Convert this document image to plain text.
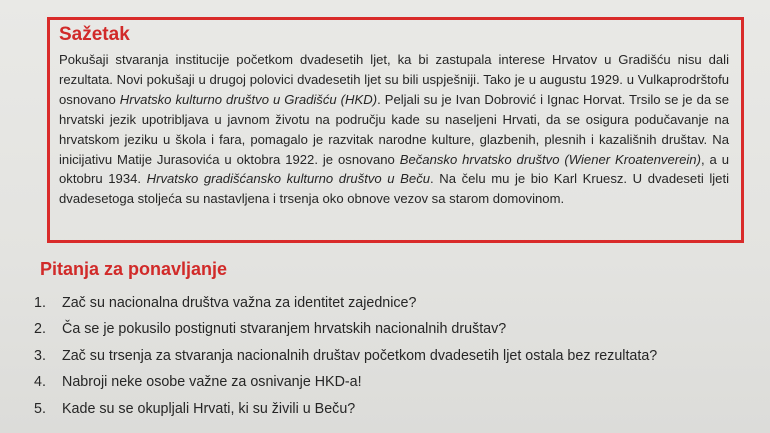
Sažetak

Pokušaji stvaranja institucije početkom dvadesetih ljet, ka bi zastupala interese Hrvatov u Gradišću nisu dali rezultata. Novi pokušaji u drugoj polovici dvadesetih ljet su bili uspješniji. Tako je u augustu 1929. u Vulkaprodrštofu osnovano Hrvatsko kulturno društvo u Gradišću (HKD). Peljali su je Ivan Dobrović i Ignac Horvat. Trsilo se je da se hrvatski jezik upotribljava u javnom životu na području kade su naseljeni Hrvati, da se osigura podučavanje na hrvatskom jeziku u škola i fara, pomagalo je razvitak narodne kulture, glazbenih, plesnih i kazališnih društav. Na inicijativu Matije Jurasovića u oktobra 1922. je osnovano Bečansko hrvatsko društvo (Wiener Kroatenverein), a u oktobru 1934. Hrvatsko gradišćansko kulturno društvo u Beču. Na čelu mu je bio Karl Kruesz. U dvadeseti ljeti dvadesetoga stoljeća su nastavljena i trsenja oko obnove vezov sa starom domovinom.

Pitanja za ponavljanje
1.	Zač su nacionalna društva važna za identitet zajednice?
2.	Ča se je pokusilo postignuti stvaranjem hrvatskih nacionalnih društav?
3.	Zač su trsenja za stvaranja nacionalnih društav početkom dvadesetih ljet ostala bez rezultata?
4.	Nabroji neke osobe važne za osnivanje HKD-a!
5.	Kade su se okupljali Hrvati, ki su živili u Beču?
